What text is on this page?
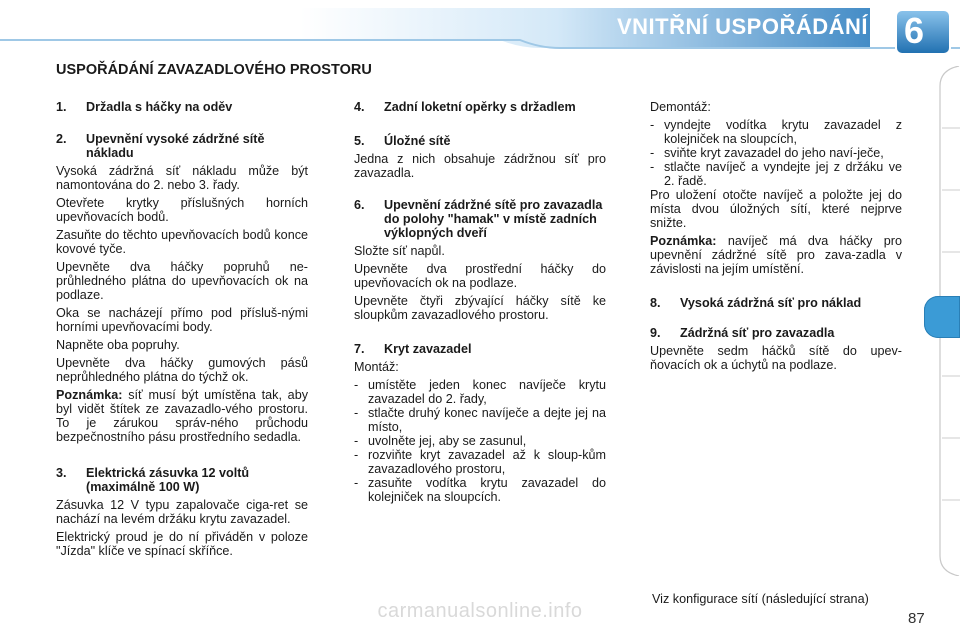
VNITŘNÍ USPOŘÁDÁNÍ 6
USPOŘÁDÁNÍ ZAVAZADLOVÉHO PROSTORU
1.	Držadla s háčky na oděv
2.	Upevnění vysoké zádržné sítě nákladu
Vysoká zádržná síť nákladu může být namontována do 2. nebo 3. řady.
Otevřete krytky příslušných horních upevňovacích bodů.
Zasuňte do těchto upevňovacích bodů konce kovové tyče.
Upevněte dva háčky popruhů ne-průhledného plátna do upevňovacích ok na podlaze.
Oka se nacházejí přímo pod přísluš-nými horními upevňovacími body.
Napněte oba popruhy.
Upevněte dva háčky gumových pásů neprůhledného plátna do týchž ok.
Poznámka: síť musí být umístěna tak, aby byl vidět štítek ze zavazadlo-vého prostoru. To je zárukou správ-ného průchodu bezpečnostního pásu prostředního sedadla.
3.	Elektrická zásuvka 12 voltů (maximálně 100 W)
Zásuvka 12 V typu zapalovače ciga-ret se nachází na levém držáku krytu zavazadel.
Elektrický proud je do ní přiváděn v poloze "Jízda" klíče ve spínací skříňce.
4.	Zadní loketní opěrky s držadlem
5.	Úložné sítě
Jedna z nich obsahuje zádržnou síť pro zavazadla.
6.	Upevnění zádržné sítě pro zavazadla do polohy "hamak" v místě zadních výklopných dveří
Složte síť napůl.
Upevněte dva prostřední háčky do upevňovacích ok na podlaze.
Upevněte čtyři zbývající háčky sítě ke sloupkům zavazadlového prostoru.
7.	Kryt zavazadel
Montáž:
- umístěte jeden konec navíječe krytu zavazadel do 2. řady,
- stlačte druhý konec navíječe a dejte jej na místo,
- uvolněte jej, aby se zasunul,
- rozviňte kryt zavazadel až k sloup-kům zavazadlového prostoru,
- zasuňte vodítka krytu zavazadel do kolejniček na sloupcích.
Demontáž:
- vyndejte vodítka krytu zavazadel z kolejniček na sloupcích,
- sviňte kryt zavazadel do jeho naví-ječe,
- stlačte navíječ a vyndejte jej z držáku ve 2. řadě.
Pro uložení otočte navíječ a položte jej do místa dvou úložných sítí, které nejprve snižte.
Poznámka: navíječ má dva háčky pro upevnění zádržné sítě pro zava-zadla v závislosti na jejím umístění.
8.	Vysoká zádržná síť pro náklad
9.	Zádržná síť pro zavazadla
Upevněte sedm háčků sítě do upev-ňovacích ok a úchytů na podlaze.
Viz konfigurace sítí (následující strana)
87
carmanualsonline.info
